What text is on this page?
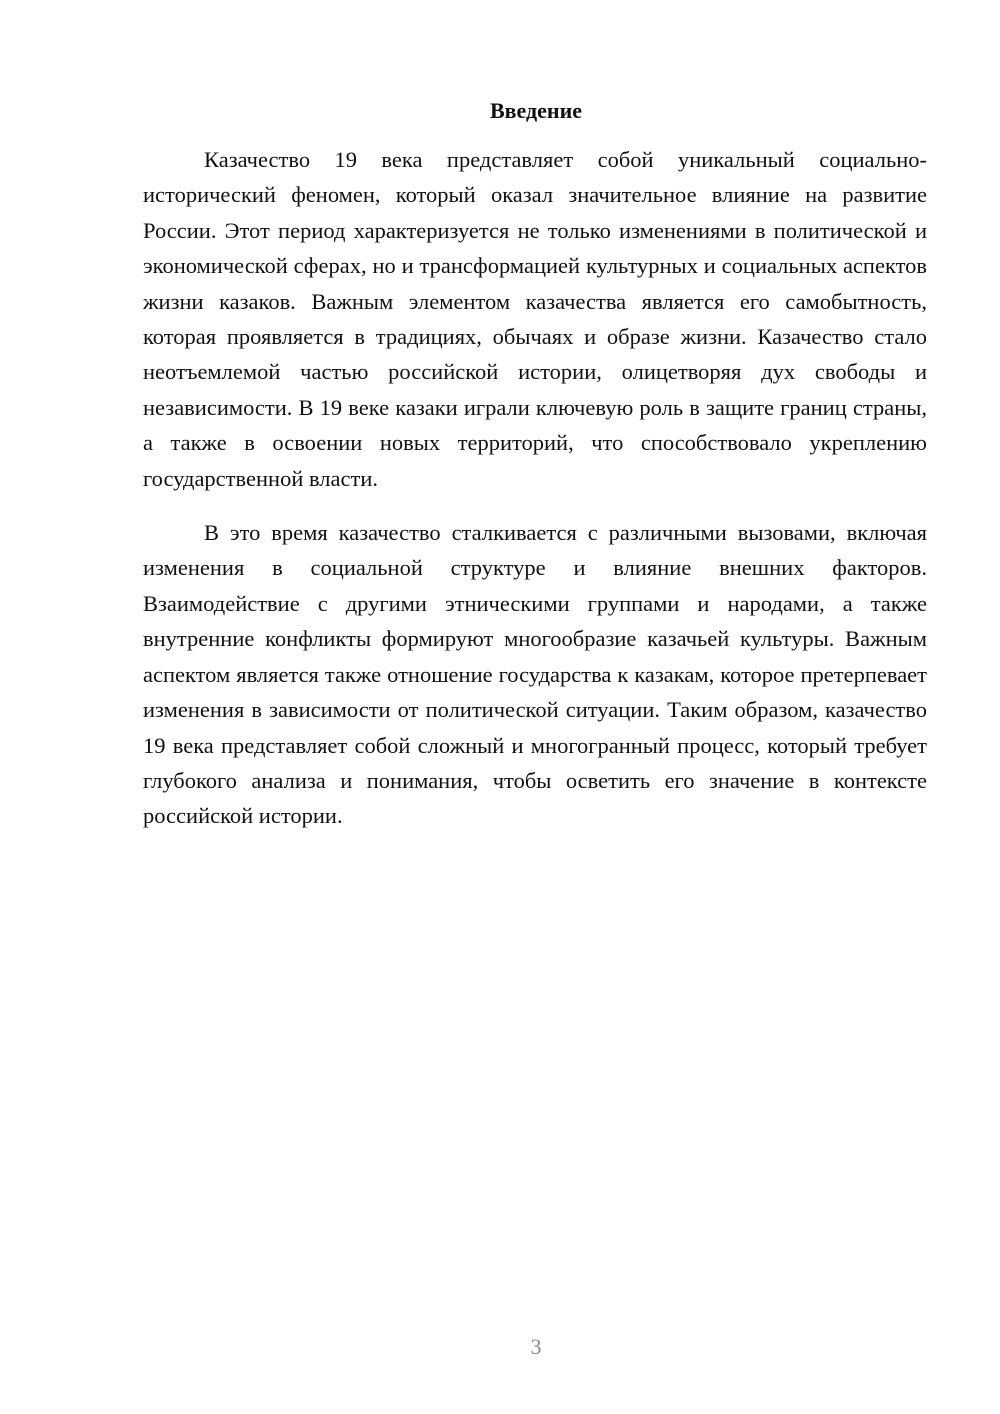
Введение

Казачество 19 века представляет собой уникальный социально-исторический феномен, который оказал значительное влияние на развитие России. Этот период характеризуется не только изменениями в политической и экономической сферах, но и трансформацией культурных и социальных аспектов жизни казаков. Важным элементом казачества является его самобытность, которая проявляется в традициях, обычаях и образе жизни. Казачество стало неотъемлемой частью российской истории, олицетворяя дух свободы и независимости. В 19 веке казаки играли ключевую роль в защите границ страны, а также в освоении новых территорий, что способствовало укреплению государственной власти.

В это время казачество сталкивается с различными вызовами, включая изменения в социальной структуре и влияние внешних факторов. Взаимодействие с другими этническими группами и народами, а также внутренние конфликты формируют многообразие казачьей культуры. Важным аспектом является также отношение государства к казакам, которое претерпевает изменения в зависимости от политической ситуации. Таким образом, казачество 19 века представляет собой сложный и многогранный процесс, который требует глубокого анализа и понимания, чтобы осветить его значение в контексте российской истории.

3
